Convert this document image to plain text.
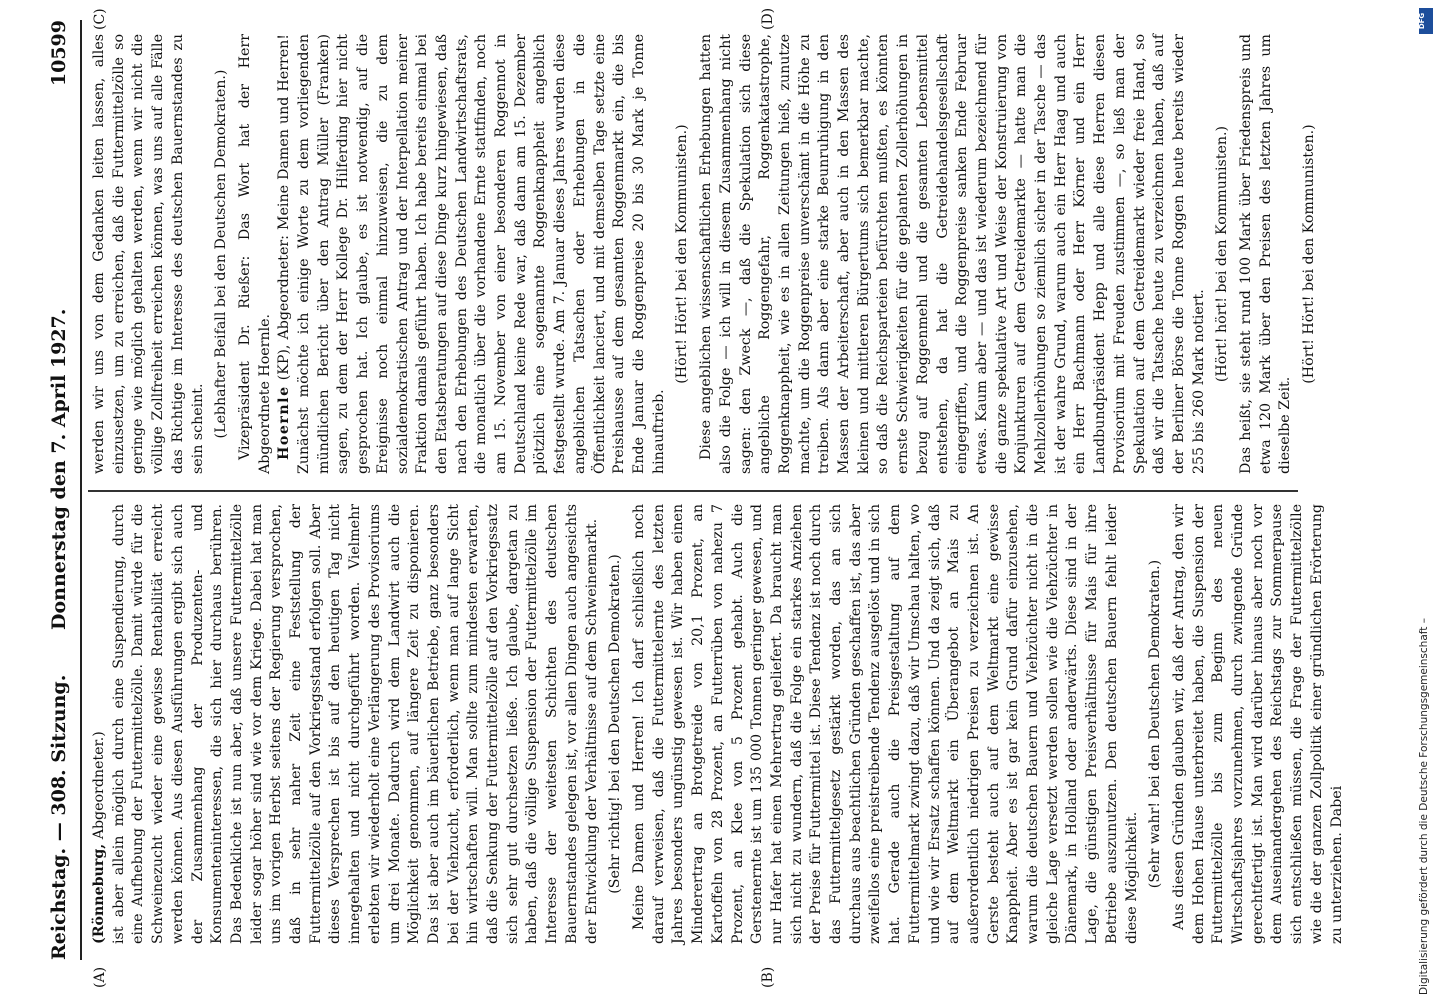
Reichstag. — 308. Sitzung.
Donnerstag den 7. April 1927.
10599
(A)	(B)
(C)	(D)

(Rönneburg, Abgeordneter.) ist aber allein möglich durch eine Suspendierung, durch eine Aufhebung der Futtermittelzölle. Damit würde für die Schweinezucht wieder eine gewisse Rentabilität erreicht werden können. Aus diesen Ausführungen ergibt sich auch der Zusammenhang der Produzenten- und Konsumenteninteressen, die sich hier durchaus berühren. Das Bedenkliche ist nun aber, daß unsere Futtermittelzölle leider sogar höher sind wie vor dem Kriege. Dabei hat man uns im vorigen Herbst seitens der Regierung versprochen, daß in sehr naher Zeit eine Feststellung der Futtermittelzölle auf den Vorkriegsstand erfolgen soll. Aber dieses Versprechen ist bis auf den heutigen Tag nicht innegehalten und nicht durchgeführt worden. Vielmehr erlebten wir wiederholt eine Verlängerung des Provisoriums um drei Monate. Dadurch wird dem Landwirt auch die Möglichkeit genommen, auf längere Zeit zu disponieren. Das ist aber auch im bäuerlichen Betriebe, ganz besonders bei der Viehzucht, erforderlich, wenn man auf lange Sicht hin wirtschaften will. Man sollte zum mindesten erwarten, daß die Senkung der Futtermittelzölle auf den Vorkriegssatz sich sehr gut durchsetzen ließe. Ich glaube, dargetan zu haben, daß die völlige Suspension der Futtermittelzölle im Interesse der weitesten Schichten des deutschen Bauernstandes gelegen ist, vor allen Dingen auch angesichts der Entwicklung der Verhältnisse auf dem Schweinemarkt. (Sehr richtig! bei den Deutschen Demokraten.) Meine Damen und Herren! Ich darf schließlich noch darauf verweisen, daß die Futtermittelernte des letzten Jahres besonders ungünstig gewesen ist. Wir haben einen Minderertrag an Brotgetreide von 20,1 Prozent, an Kartoffeln von 28 Prozent, an Futterrüben von nahezu 7 Prozent, an Klee von 5 Prozent gehabt. Auch die Gerstenernte ist um 135 000 Tonnen geringer gewesen, und nur Hafer hat einen Mehrertrag geliefert. Da braucht man sich nicht zu wundern, daß die Folge ein starkes Anziehen der Preise für Futtermittel ist. Diese Tendenz ist noch durch das Futtermittelgesetz gestärkt worden, das an sich durchaus aus beachtlichen Gründen geschaffen ist, das aber zweifellos eine preistreibende Tendenz ausgelöst und in sich hat. Gerade auch die Preisgestaltung auf dem Futtermittelmarkt zwingt dazu, daß wir Umschau halten, wo und wie wir Ersatz schaffen können. Und da zeigt sich, daß auf dem Weltmarkt ein Überangebot an Mais zu außerordentlich niedrigen Preisen zu verzeichnen ist. An Gerste besteht auch auf dem Weltmarkt eine gewisse Knappheit. Aber es ist gar kein Grund dafür einzusehen, warum die deutschen Bauern und Viehzüchter nicht in die gleiche Lage versetzt werden sollen wie die Viehzüchter in Dänemark, in Holland oder anderwärts. Diese sind in der Lage, die günstigen Preisverhältnisse für Mais für ihre Betriebe auszunutzen. Den deutschen Bauern fehlt leider diese Möglichkeit. (Sehr wahr! bei den Deutschen Demokraten.) Aus diesen Gründen glauben wir, daß der Antrag, den wir dem Hohen Hause unterbreitet haben, die Suspension der Futtermittelzölle bis zum Beginn des neuen Wirtschaftsjahres vorzunehmen, durch zwingende Gründe gerechtfertigt ist. Man wird darüber hinaus aber noch vor dem Auseinandergehen des Reichstags zur Sommerpause sich entschließen müssen, die Frage der Futtermittelzölle wie die der ganzen Zollpolitik einer gründlichen Erörterung zu unterziehen. Dabei

werden wir uns von dem Gedanken leiten lassen, alles einzusetzen, um zu erreichen, daß die Futtermittelzölle so geringe wie möglich gehalten werden, wenn wir nicht die völlige Zollfreiheit erreichen können, was uns auf alle Fälle das Richtige im Interesse des deutschen Bauernstandes zu sein scheint. (Lebhafter Beifall bei den Deutschen Demokraten.) Vizepräsident Dr. Rießer: Das Wort hat der Herr Abgeordnete Hoernle. Hoernle (KP), Abgeordneter: Meine Damen und Herren! Zunächst möchte ich einige Worte zu dem vorliegenden mündlichen Bericht über den Antrag Müller (Franken) sagen, zu dem der Herr Kollege Dr. Hilferding hier nicht gesprochen hat. Ich glaube, es ist notwendig, auf die Ereignisse noch einmal hinzuweisen, die zu dem sozialdemokratischen Antrag und der Interpellation meiner Fraktion damals geführt haben. Ich habe bereits einmal bei den Etatsberatungen auf diese Dinge kurz hingewiesen, daß nach den Erhebungen des Deutschen Landwirtschaftsrats, die monatlich über die vorhandene Ernte stattfinden, noch am 15. November von einer besonderen Roggennot in Deutschland keine Rede war, daß dann am 15. Dezember plötzlich eine sogenannte Roggenknappheit angeblich festgestellt wurde. Am 7. Januar dieses Jahres wurden diese angeblichen Tatsachen oder Erhebungen in die Öffentlichkeit lanciert, und mit demselben Tage setzte eine Preishausse auf dem gesamten Roggenmarkt ein, die bis Ende Januar die Roggenpreise 20 bis 30 Mark je Tonne hinauftrieb.

(Hört! Hört! bei den Kommunisten.) Diese angeblichen wissenschaftlichen Erhebungen hatten also die Folge — ich will in diesem Zusammenhang nicht sagen: den Zweck —, daß die Spekulation sich diese angebliche Roggengefahr, Roggenkatastrophe, Roggenknappheit, wie es in allen Zeitungen hieß, zunutze machte, um die Roggenpreise unverschämt in die Höhe zu treiben. Als dann aber eine starke Beunruhigung in den Massen der Arbeiterschaft, aber auch in den Massen des kleinen und mittleren Bürgertums sich bemerkbar machte, so daß die Reichsparteien befürchten mußten, es könnten ernste Schwierigkeiten für die geplanten Zollerhöhungen in bezug auf Roggenmehl und die gesamten Lebensmittel entstehen, da hat die Getreidehandelsgesellschaft eingegriffen, und die Roggenpreise sanken Ende Februar etwas. Kaum aber — und das ist wiederum bezeichnend für die ganze spekulative Art und Weise der Konstruierung von Konjunkturen auf dem Getreidemarkte — hatte man die Mehlzollerhöhungen so ziemlich sicher in der Tasche — das ist der wahre Grund, warum auch ein Herr Haag und auch ein Herr Bachmann oder Herr Körner und ein Herr Landbundpräsident Hepp und alle diese Herren diesen Provisorium mit Freuden zustimmen —, so ließ man der Spekulation auf dem Getreidemarkt wieder freie Hand, so daß wir die Tatsache heute zu verzeichnen haben, daß auf der Berliner Börse die Tonne Roggen heute bereits wieder 255 bis 260 Mark notiert. (Hört! hört! bei den Kommunisten.) Das heißt, sie steht rund 100 Mark über Friedenspreis und etwa 120 Mark über den Preisen des letzten Jahres um dieselbe Zeit.

(Hört! Hört! bei den Kommunisten.)

Digitalisierung gefördert durch die Deutsche Forschungsgemeinschaft –
DFG
